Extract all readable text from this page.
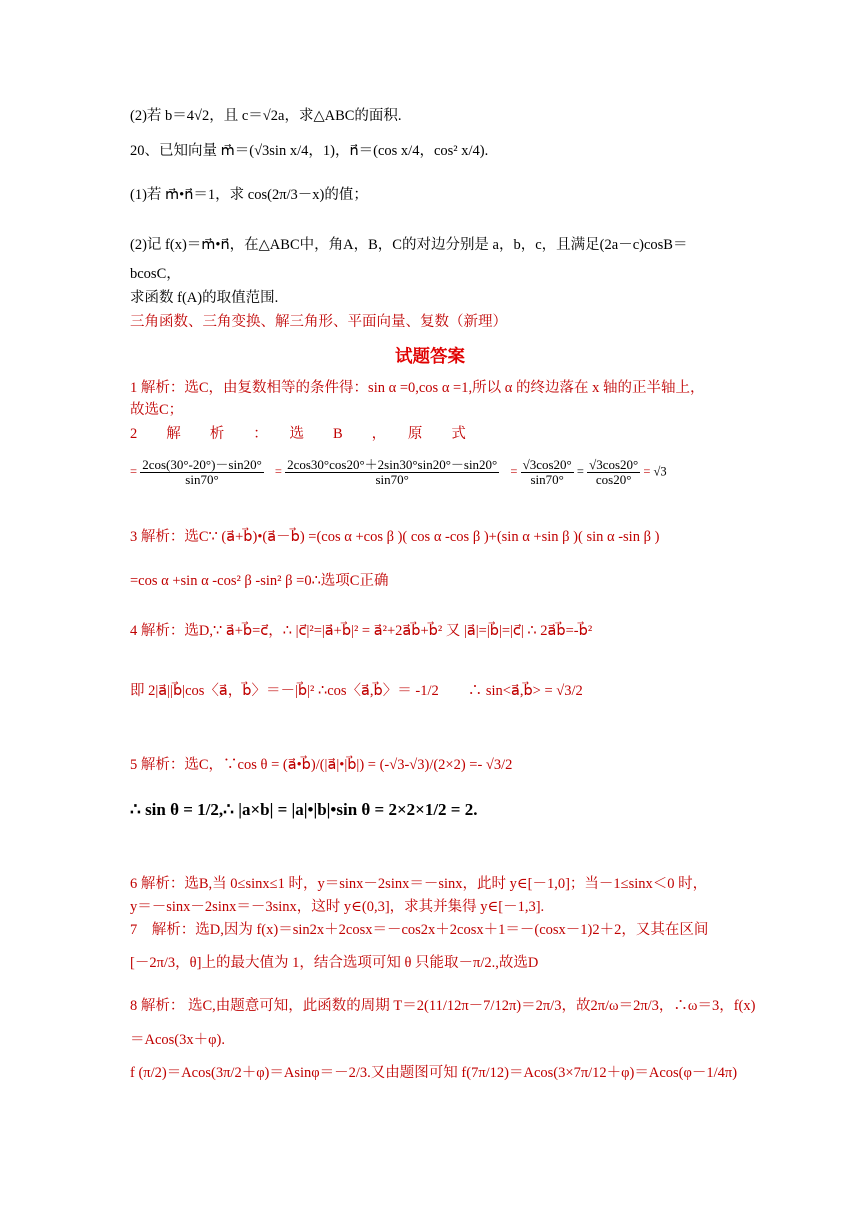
(2)若 b＝4√2，且 c＝√2a，求△ABC的面积.
20、已知向量 m⃗＝(√3sin x/4，1)，n⃗＝(cos x/4，cos² x/4).
(1)若 m⃗•n⃗＝1，求 cos(2π/3－x)的值；
(2)记 f(x)＝m⃗•n⃗，在△ABC中，角A，B，C的对边分别是 a，b，c，且满足(2a－c)cosB＝
bcosC，
求函数 f(A)的取值范围.
三角函数、三角变换、解三角形、平面向量、复数（新理）
试题答案
1 解析：选C，由复数相等的条件得：sin α =0,cos α =1,所以 α 的终边落在 x 轴的正半轴上，
故选C；
2　　解　　析　　：　　选　　B　　，　　原　　式
= $\frac{2\cos(30^\circ-20^\circ)-\sin 20^\circ}{\sin 70^\circ} = \frac{2\cos 30^\circ\cos 20^\circ+2\sin 30^\circ\sin 20^\circ-\sin 20^\circ}{\sin 70^\circ} = \frac{√3\cos 20^\circ}{\sin 70^\circ} = \frac{√3\cos 20^\circ}{\cos 20^\circ} = √3$
3 解析：选C∵ (a⃗+b⃗)•(a⃗－b⃗) =(cos α +cos β )( cos α -cos β )+(sin α +sin β )( sin α -sin β )
=cos α +sin α -cos² β -sin² β =0∴选项C正确
4 解析：选D,∵ a⃗+b⃗=c⃗，∴ |c⃗|²=|a⃗+b⃗|² = a⃗²+2a⃗b⃗+b⃗² 又 |a⃗|=|b⃗|=|c⃗| ∴ 2a⃗b⃗=-b⃗²
即 2|a⃗||b⃗|cos〈a⃗，b⃗〉＝－|b⃗|² ∴cos〈a⃗,b⃗〉＝ -1/2　　∴ sin<a⃗,b⃗> = √3/2
5 解析：选C，∵cos θ = (a⃗•b⃗)/(|a⃗|•|b⃗|) = (-√3-√3)/(2×2) =- √3/2
∴ sin θ = 1/2,∴ |a×b| = |a|•|b|•sin θ = 2×2×1/2 = 2.
6 解析：选B,当 0≤sinx≤1 时，y＝sinx－2sinx＝－sinx，此时 y∈[－1,0]；当－1≤sinx＜0 时，
y＝－sinx－2sinx＝－3sinx，这时 y∈(0,3]，求其并集得 y∈[－1,3].
7　解析：选D,因为 f(x)＝sin2x＋2cosx＝－cos2x＋2cosx＋1＝－(cosx－1)2＋2，又其在区间
[－2π/3，θ]上的最大值为 1，结合选项可知 θ 只能取－π/2.,故选D
8 解析： 选C,由题意可知，此函数的周期 T＝2(11/12π－7/12π)＝2π/3，故2π/ω＝2π/3，∴ω＝3，f(x)
＝Acos(3x＋φ).
f (π/2)＝Acos(3π/2＋φ)＝Asinφ＝－2/3.又由题图可知 f(7π/12)＝Acos(3×7π/12＋φ)＝Acos(φ－1/4π)
